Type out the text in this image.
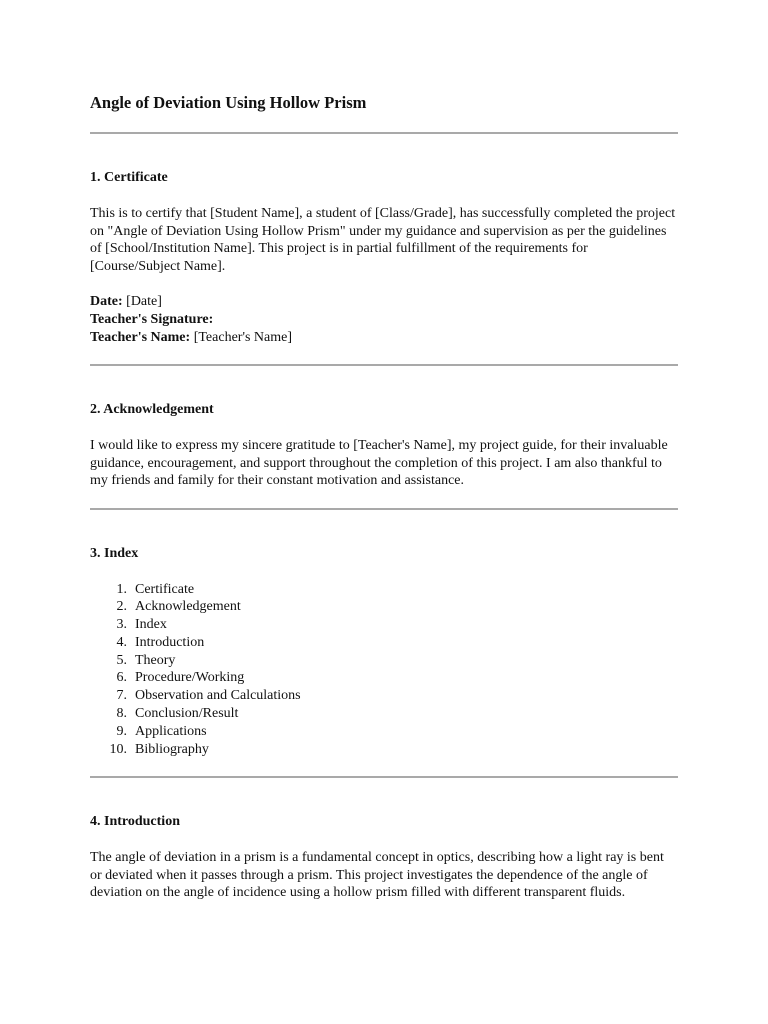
Angle of Deviation Using Hollow Prism
1. Certificate

This is to certify that [Student Name], a student of [Class/Grade], has successfully completed the project on "Angle of Deviation Using Hollow Prism" under my guidance and supervision as per the guidelines of [School/Institution Name]. This project is in partial fulfillment of the requirements for [Course/Subject Name].

Date: [Date]
Teacher's Signature:
Teacher's Name: [Teacher's Name]
2. Acknowledgement

I would like to express my sincere gratitude to [Teacher's Name], my project guide, for their invaluable guidance, encouragement, and support throughout the completion of this project. I am also thankful to my friends and family for their constant motivation and assistance.

3. Index
1. Certificate
2. Acknowledgement
3. Index
4. Introduction
5. Theory
6. Procedure/Working
7. Observation and Calculations
8. Conclusion/Result
9. Applications
10. Bibliography
4. Introduction

The angle of deviation in a prism is a fundamental concept in optics, describing how a light ray is bent or deviated when it passes through a prism. This project investigates the dependence of the angle of deviation on the angle of incidence using a hollow prism filled with different transparent fluids.
